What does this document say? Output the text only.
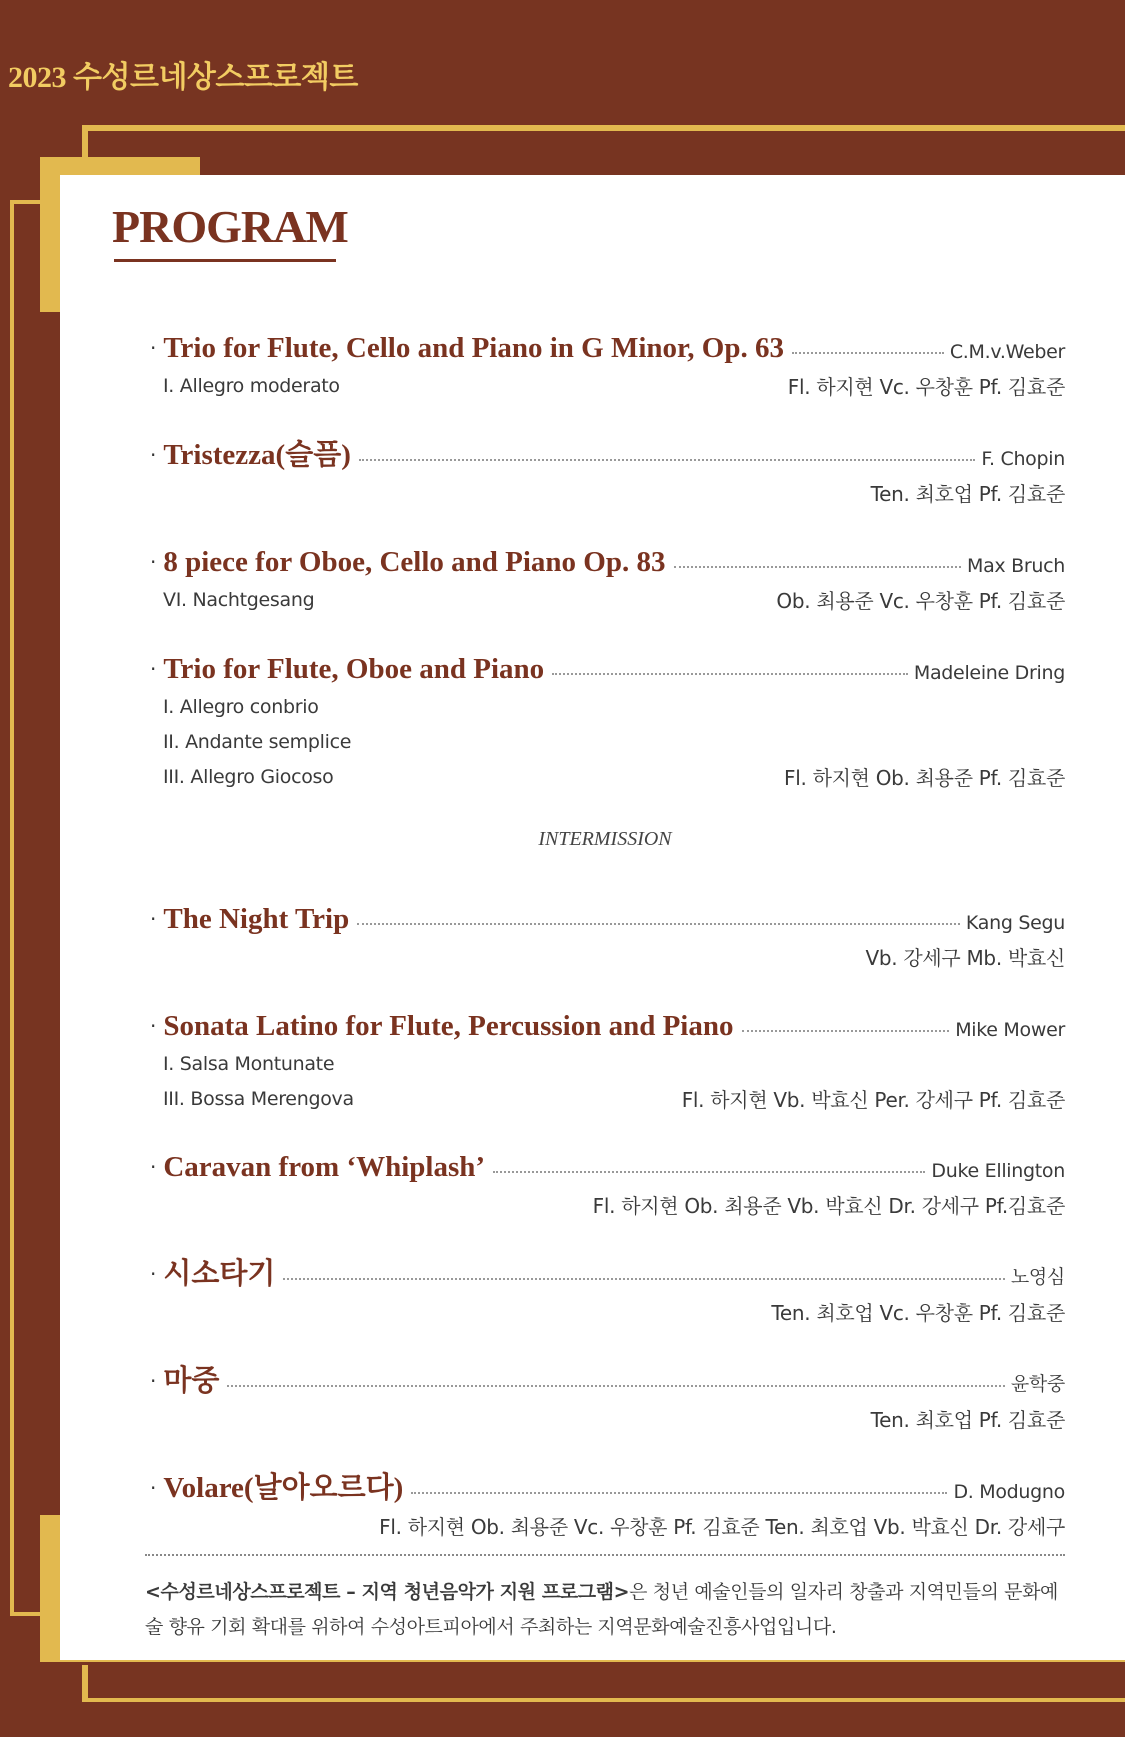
2023 수성르네상스프로젝트
PROGRAM
· Trio for Flute, Cello and Piano in G Minor, Op. 63	C.M.v.Weber
I. Allegro moderato	Fl. 하지현 Vc. 우창훈 Pf. 김효준
· Tristezza(슬픔)	F. Chopin
Ten. 최호업 Pf. 김효준
· 8 piece for Oboe, Cello and Piano Op. 83	Max Bruch
VI. Nachtgesang	Ob. 최용준 Vc. 우창훈 Pf. 김효준
· Trio for Flute, Oboe and Piano	Madeleine Dring
I. Allegro conbrio
II. Andante semplice
III. Allegro Giocoso	Fl. 하지현 Ob. 최용준 Pf. 김효준
INTERMISSION
· The Night Trip	Kang Segu
Vb. 강세구 Mb. 박효신
· Sonata Latino for Flute, Percussion and Piano	Mike Mower
I. Salsa Montunate
III. Bossa Merengova	Fl. 하지현 Vb. 박효신 Per. 강세구 Pf. 김효준
· Caravan from ‘Whiplash’	Duke Ellington
Fl. 하지현 Ob. 최용준 Vb. 박효신 Dr. 강세구 Pf.김효준
· 시소타기	노영심
Ten. 최호업 Vc. 우창훈 Pf. 김효준
· 마중	윤학중
Ten. 최호업 Pf. 김효준
· Volare(날아오르다)	D. Modugno
Fl. 하지현 Ob. 최용준 Vc. 우창훈 Pf. 김효준 Ten. 최호업 Vb. 박효신 Dr. 강세구
<수성르네상스프로젝트 – 지역 청년음악가 지원 프로그램>은 청년 예술인들의 일자리 창출과 지역민들의 문화예술 향유 기회 확대를 위하여 수성아트피아에서 주최하는 지역문화예술진흥사업입니다.
